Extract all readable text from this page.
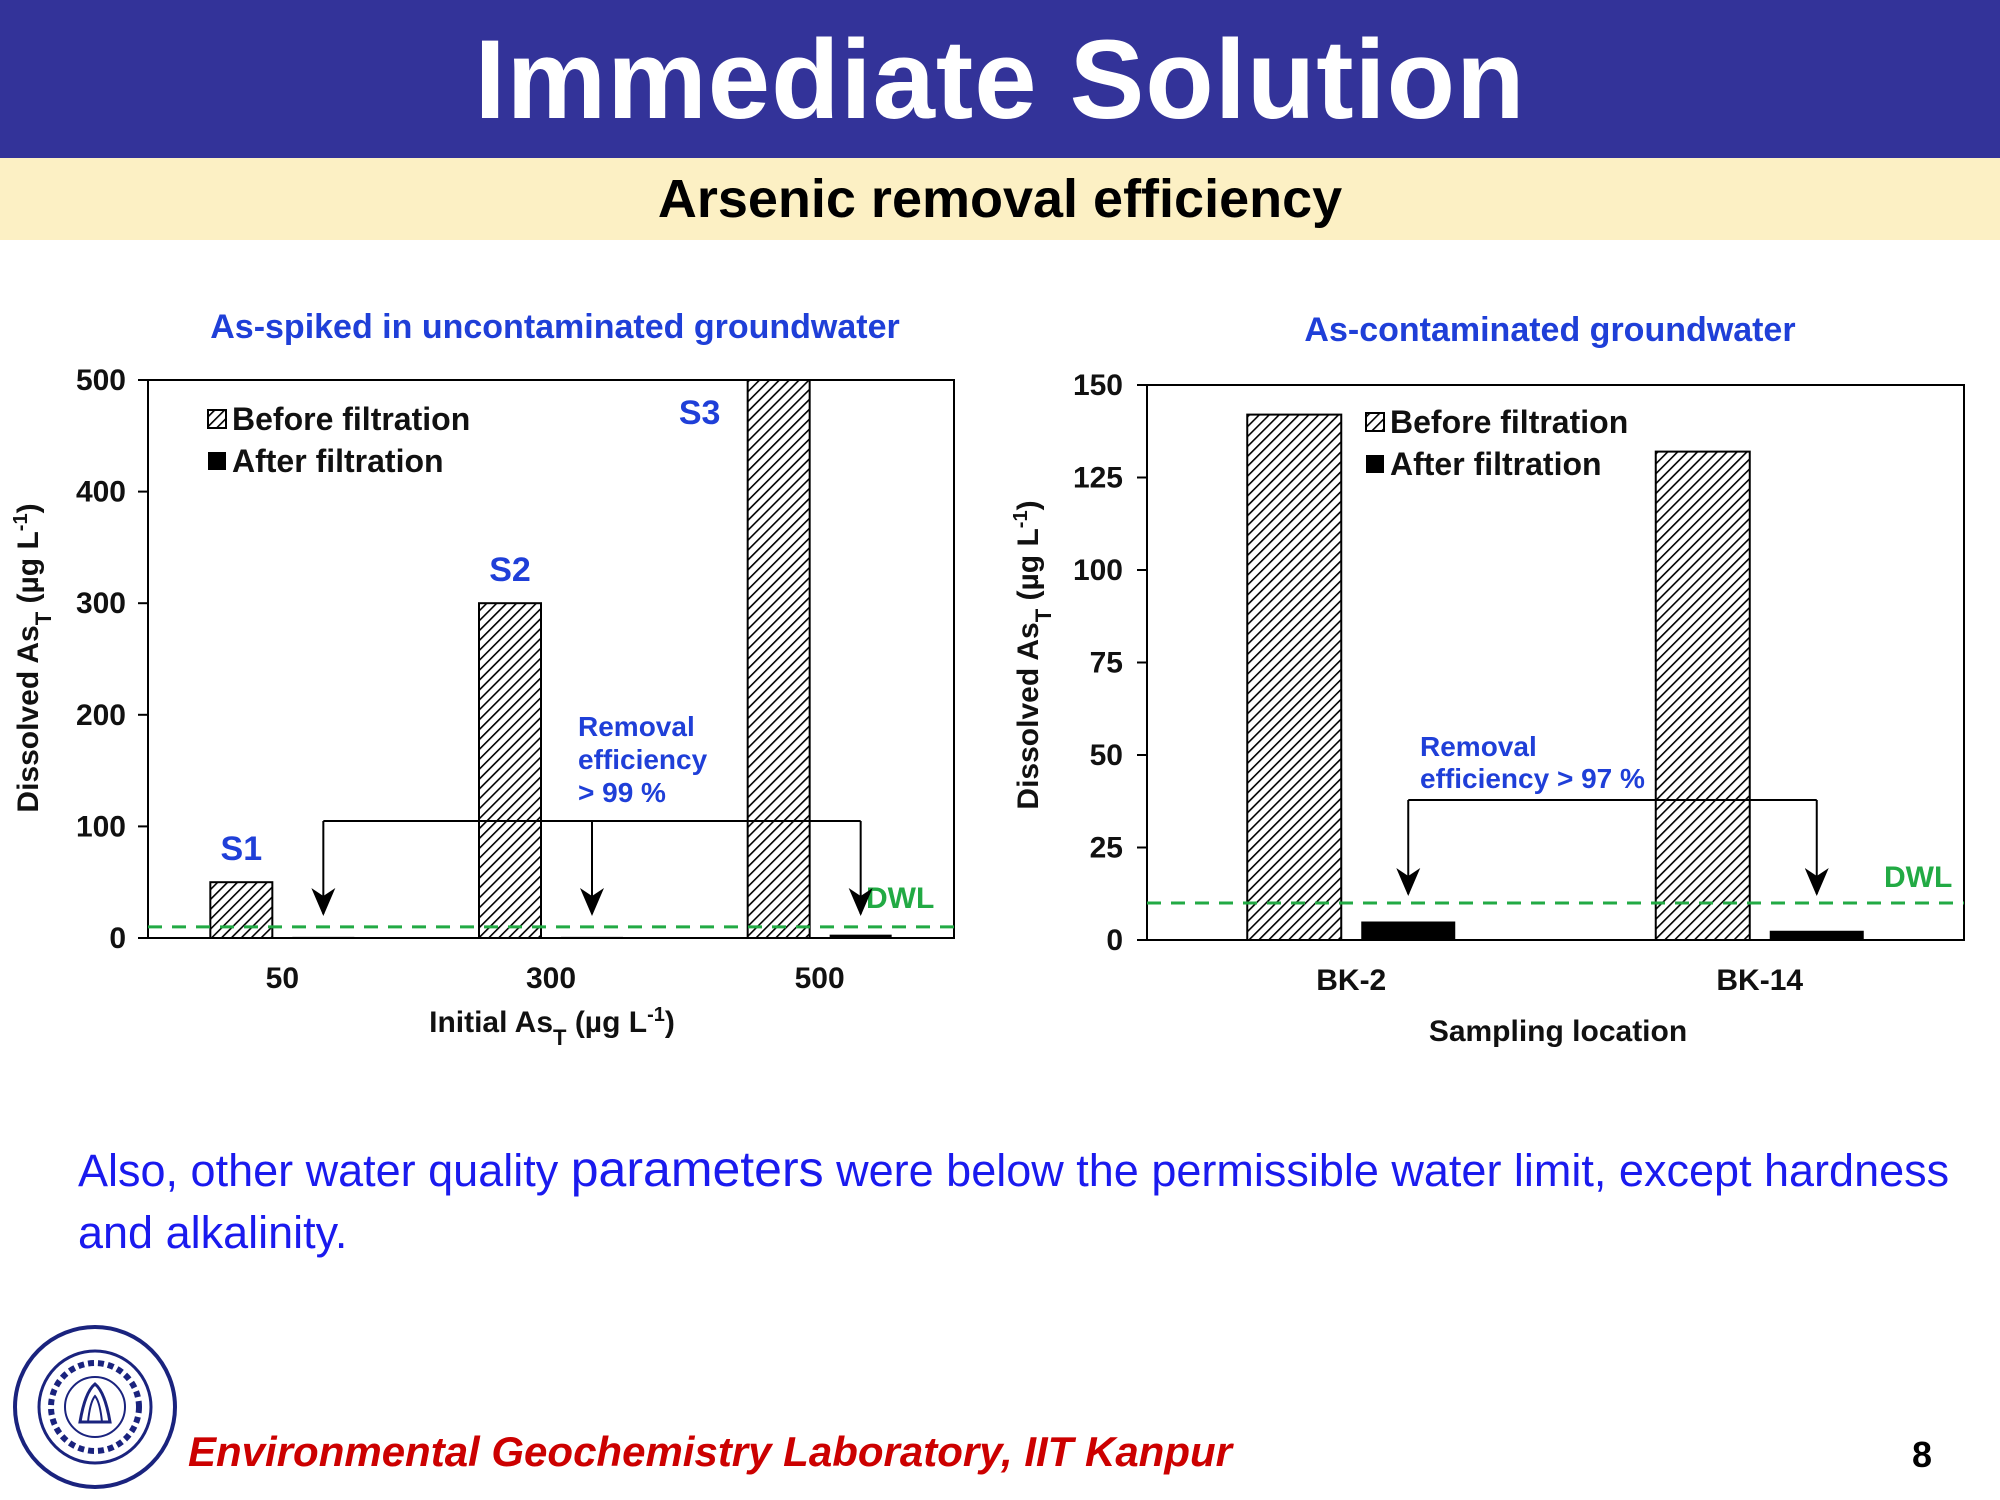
Immediate Solution
Arsenic removal efficiency
As-spiked in uncontaminated groundwater
0
100
200
300
400
500
50
S1
300
S2
500
S3
DWL
Removal
efficiency
> 99 %
Before filtration
After filtration
Initial $As_T$ (µg $L^{-1}$)
Dissolved $As_T$ (µg $L^{-1}$)
As-contaminated groundwater
0
25
50
75
100
125
150
BK-2	BK-14
DWL
Removal
efficiency > 97 %
Before filtration
After filtration
Sampling location
Dissolved $As_T$ (µg $L^{-1}$)
Also, other water quality parameters were below the permissible water limit, except hardness and alkalinity.
Environmental Geochemistry Laboratory, IIT Kanpur	8
